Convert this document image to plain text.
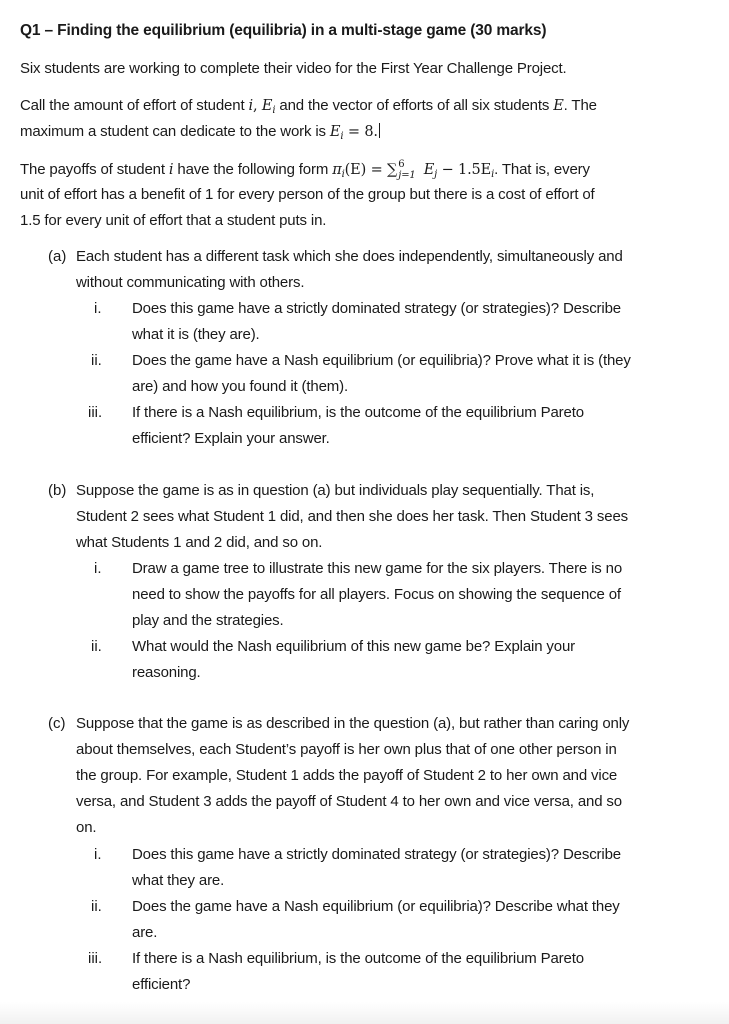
Q1 – Finding the equilibrium (equilibria) in a multi-stage game (30 marks)
Six students are working to complete their video for the First Year Challenge Project.
Call the amount of effort of student i, $E_i$ and the vector of efforts of all six students E. The
maximum a student can dedicate to the work is $E_i = 8$.
The payoffs of student i have the following form $\pi_i(E)$ = ∑ 6
j=1 $E_j - 1.5E_i$. That is, every
unit of effort has a benefit of 1 for every person of the group but there is a cost of effort of
1.5 for every unit of effort that a student puts in.
(a) Each student has a different task which she does independently, simultaneously and
without communicating with others.
i. Does this game have a strictly dominated strategy (or strategies)? Describe
what it is (they are).
ii. Does the game have a Nash equilibrium (or equilibria)? Prove what it is (they
are) and how you found it (them).
iii. If there is a Nash equilibrium, is the outcome of the equilibrium Pareto
efficient? Explain your answer.
(b) Suppose the game is as in question (a) but individuals play sequentially. That is,
Student 2 sees what Student 1 did, and then she does her task. Then Student 3 sees
what Students 1 and 2 did, and so on.
i. Draw a game tree to illustrate this new game for the six players. There is no
need to show the payoffs for all players. Focus on showing the sequence of
play and the strategies.
ii. What would the Nash equilibrium of this new game be? Explain your
reasoning.
(c) Suppose that the game is as described in the question (a), but rather than caring only
about themselves, each Student’s payoff is her own plus that of one other person in
the group. For example, Student 1 adds the payoff of Student 2 to her own and vice
versa, and Student 3 adds the payoff of Student 4 to her own and vice versa, and so
on.
i. Does this game have a strictly dominated strategy (or strategies)? Describe
what they are.
ii. Does the game have a Nash equilibrium (or equilibria)? Describe what they
are.
iii. If there is a Nash equilibrium, is the outcome of the equilibrium Pareto
efficient?
